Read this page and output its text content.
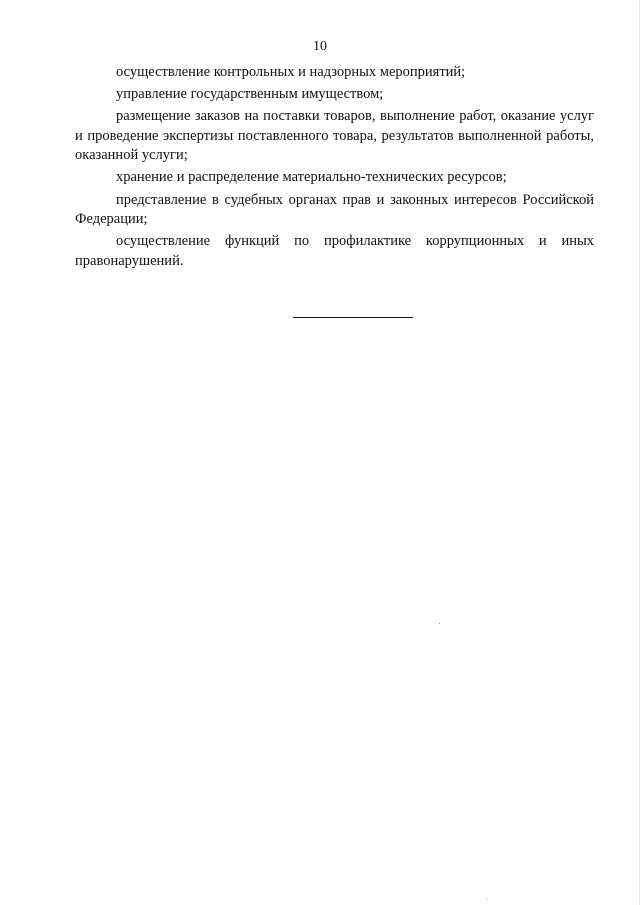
10

осуществление контрольных и надзорных мероприятий;

управление государственным имуществом;

размещение заказов на поставки товаров, выполнение работ, оказание услуг и проведение экспертизы поставленного товара, результатов выполненной работы, оказанной услуги;

хранение и распределение материально-технических ресурсов;

представление в судебных органах прав и законных интересов Российской Федерации;

осуществление функций по профилактике коррупционных и иных правонарушений.
